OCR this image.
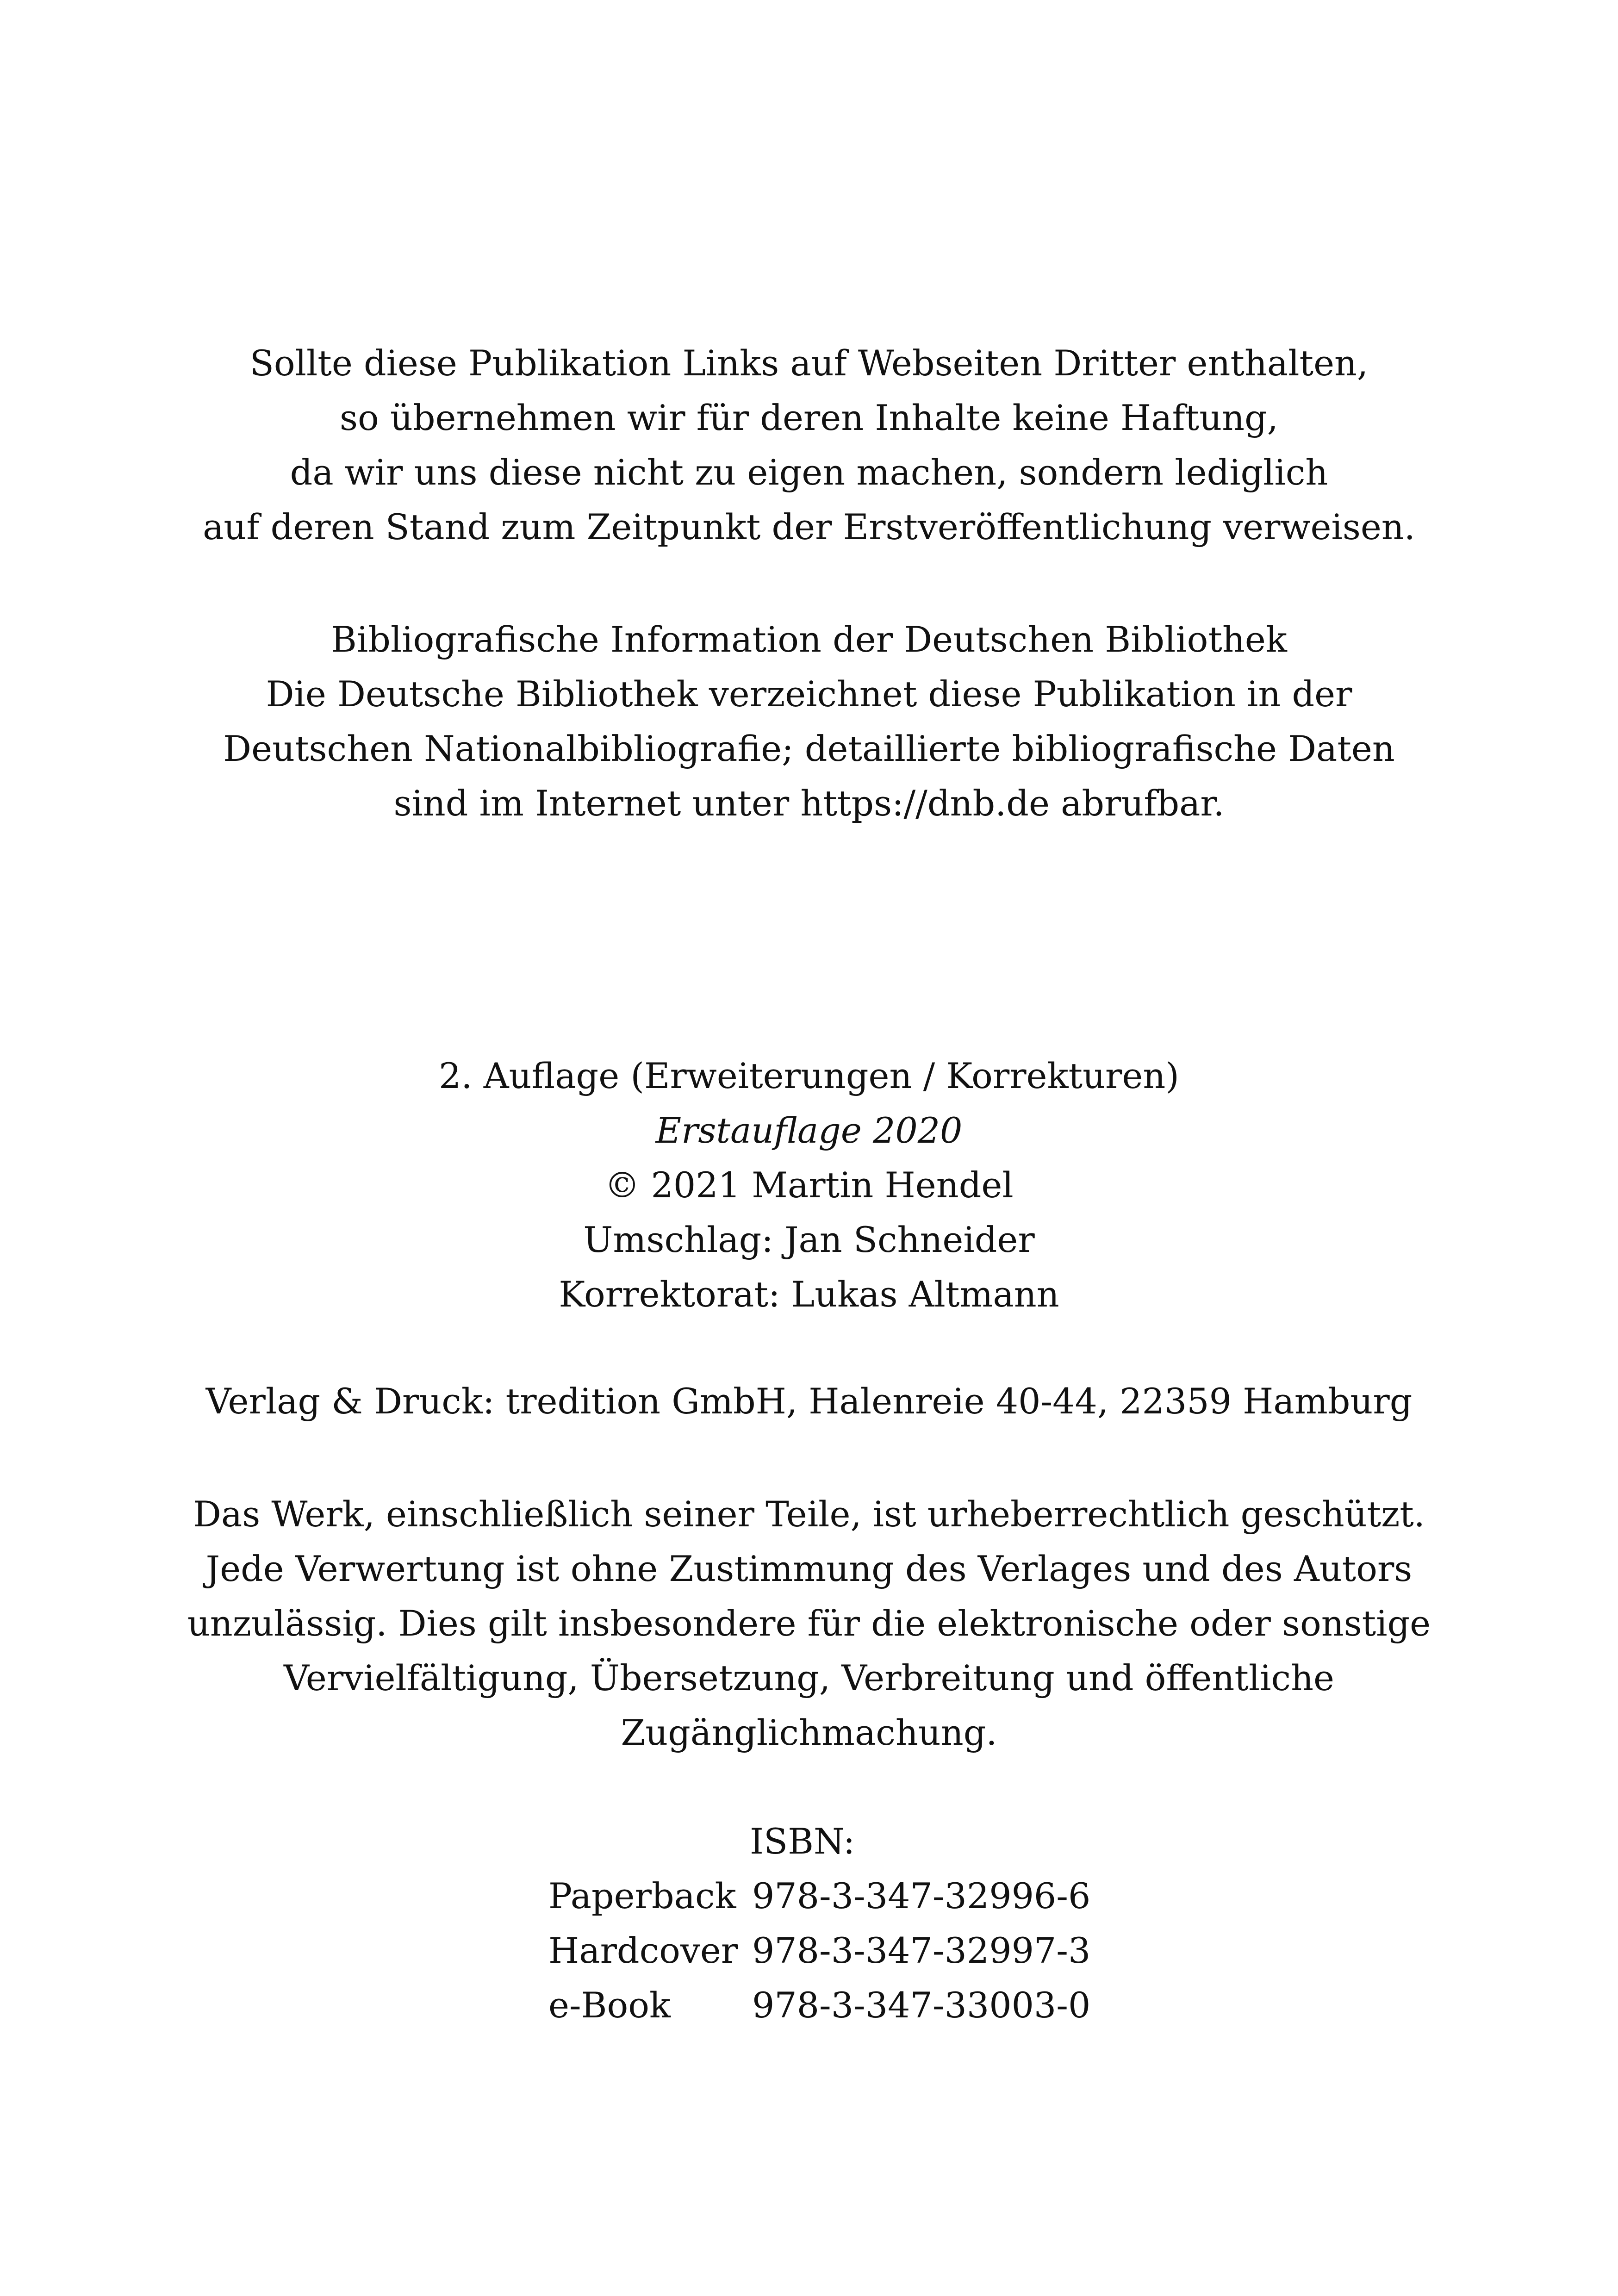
Sollte diese Publikation Links auf Webseiten Dritter enthalten,
so übernehmen wir für deren Inhalte keine Haftung,
da wir uns diese nicht zu eigen machen, sondern lediglich
auf deren Stand zum Zeitpunkt der Erstveröffentlichung verweisen.
Bibliografische Information der Deutschen Bibliothek
Die Deutsche Bibliothek verzeichnet diese Publikation in der
Deutschen Nationalbibliografie; detaillierte bibliografische Daten
sind im Internet unter https://dnb.de abrufbar.
2. Auflage (Erweiterungen / Korrekturen)
Erstauflage 2020
© 2021 Martin Hendel
Umschlag: Jan Schneider
Korrektorat: Lukas Altmann
Verlag & Druck: tredition GmbH, Halenreie 40-44, 22359 Hamburg
Das Werk, einschließlich seiner Teile, ist urheberrechtlich geschützt.
Jede Verwertung ist ohne Zustimmung des Verlages und des Autors
unzulässig. Dies gilt insbesondere für die elektronische oder sonstige
Vervielfältigung, Übersetzung, Verbreitung und öffentliche
Zugänglichmachung.
ISBN:
Paperback 978-3-347-32996-6
Hardcover 978-3-347-32997-3
e-Book 978-3-347-33003-0
